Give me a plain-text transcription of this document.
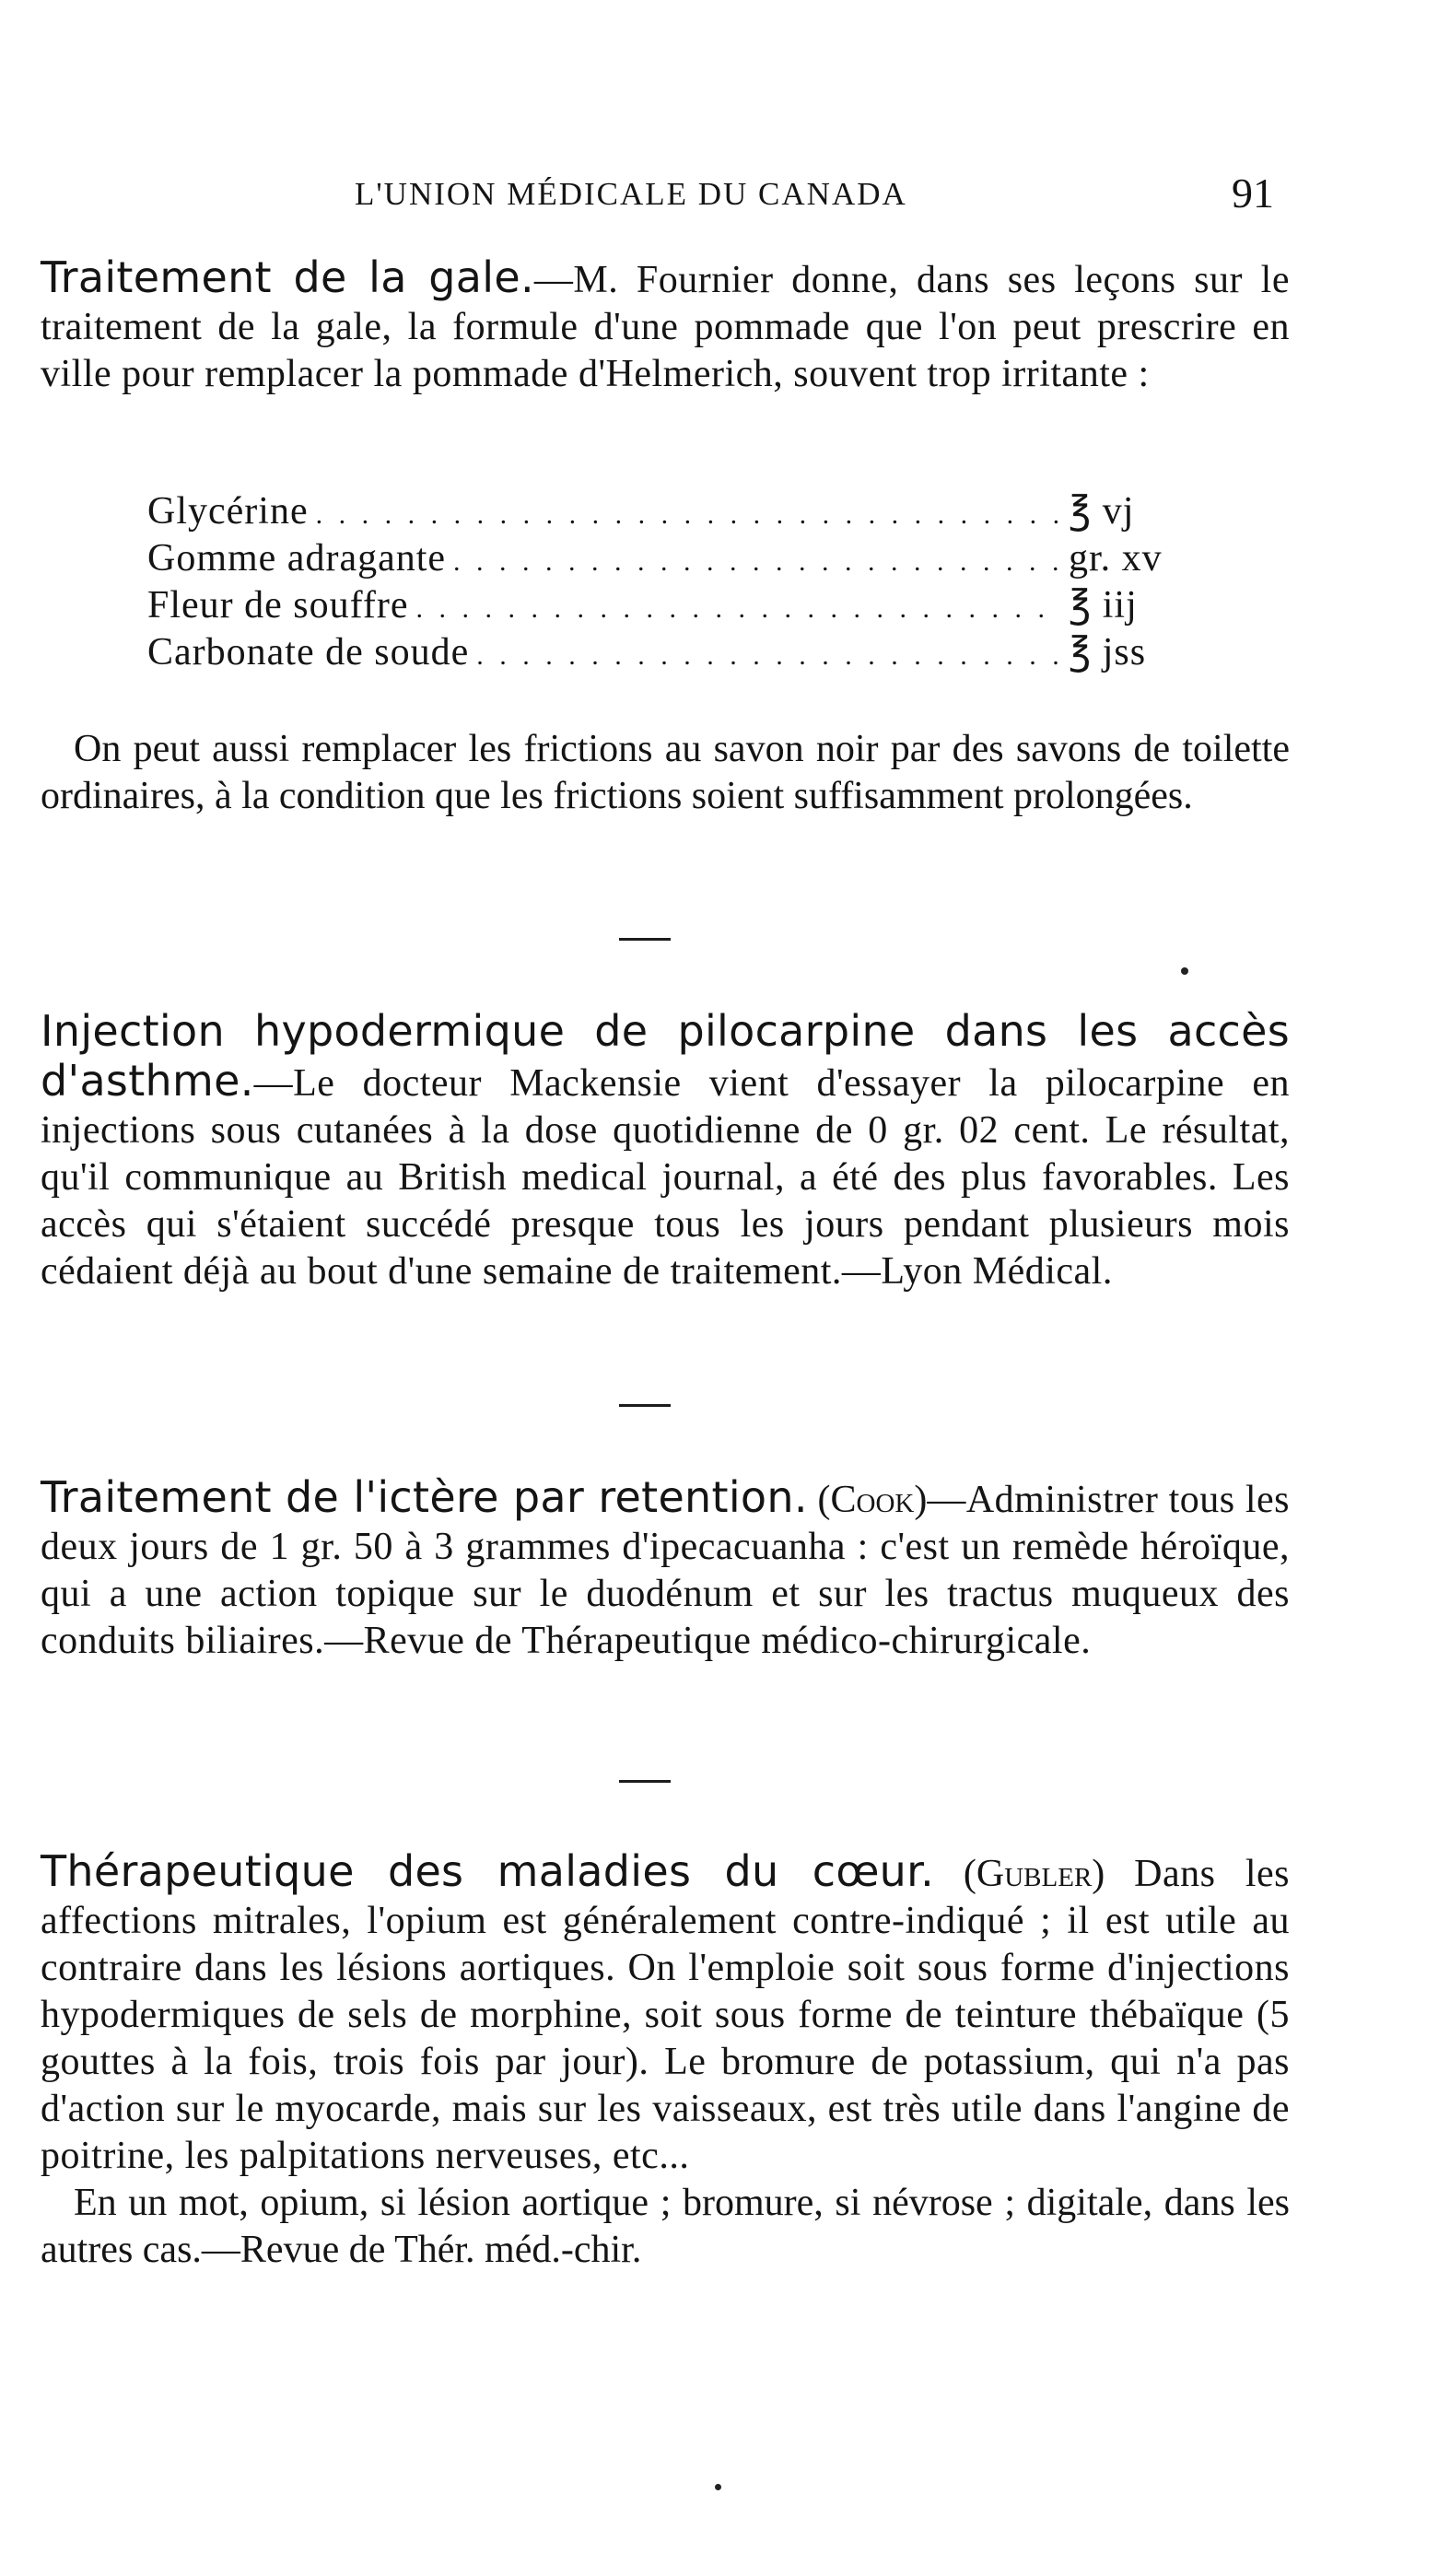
L'UNION MÉDICALE DU CANADA	91

Traitement de la gale.—M. Fournier donne, dans ses leçons sur le traitement de la gale, la formule d'une pommade que l'on peut prescrire en ville pour remplacer la pommade d'Helmerich, souvent trop irritante :

Glycérine . . .	℥ vj
Gomme adragante . . .	gr. xv
Fleur de souffre . . .	℥ iij
Carbonate de soude . . .	℥ jss

On peut aussi remplacer les frictions au savon noir par des savons de toilette ordinaires, à la condition que les frictions soient suffisamment prolongées.

Injection hypodermique de pilocarpine dans les accès d'asthme.—Le docteur Mackensie vient d'essayer la pilocarpine en injections sous cutanées à la dose quotidienne de 0 gr. 02 cent. Le résultat, qu'il communique au British medical journal, a été des plus favorables. Les accès qui s'étaient succédé presque tous les jours pendant plusieurs mois cédaient déjà au bout d'une semaine de traitement.—Lyon Médical.

Traitement de l'ictère par retention. (Cook)—Administrer tous les deux jours de 1 gr. 50 à 3 grammes d'ipecacuanha : c'est un remède héroïque, qui a une action topique sur le duodénum et sur les tractus muqueux des conduits biliaires.—Revue de Thérapeutique médico-chirurgicale.

Thérapeutique des maladies du cœur. (Gubler) Dans les affections mitrales, l'opium est généralement contre-indiqué ; il est utile au contraire dans les lésions aortiques. On l'emploie soit sous forme d'injections hypodermiques de sels de morphine, soit sous forme de teinture thébaïque (5 gouttes à la fois, trois fois par jour). Le bromure de potassium, qui n'a pas d'action sur le myocarde, mais sur les vaisseaux, est très utile dans l'angine de poitrine, les palpitations nerveuses, etc...

En un mot, opium, si lésion aortique ; bromure, si névrose ; digitale, dans les autres cas.—Revue de Thér. méd.-chir.
